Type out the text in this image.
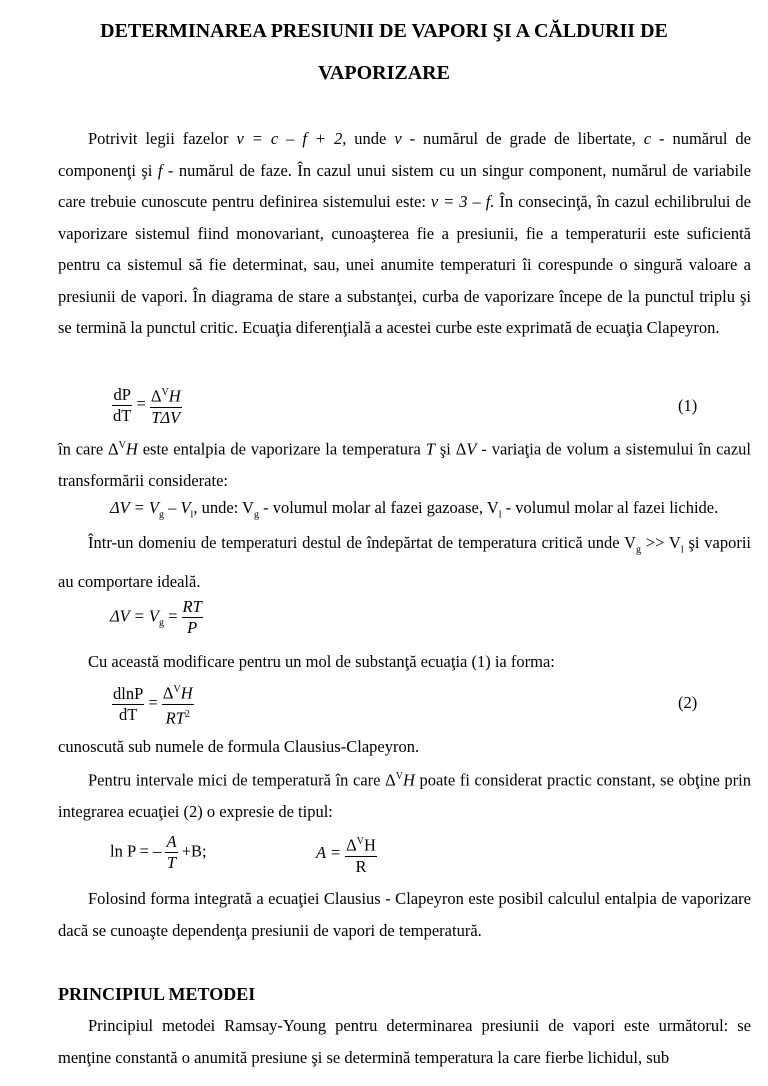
DETERMINAREA PRESIUNII DE VAPORI ŞI A CĂLDURII DE VAPORIZARE

Potrivit legii fazelor v = c – f + 2, unde v - numărul de grade de libertate, c - numărul de componenţi şi f - numărul de faze. În cazul unui sistem cu un singur component, numărul de variabile care trebuie cunoscute pentru definirea sistemului este: v = 3 – f. În consecinţă, în cazul echilibrului de vaporizare sistemul fiind monovariant, cunoaşterea fie a presiunii, fie a temperaturii este suficientă pentru ca sistemul să fie determinat, sau, unei anumite temperaturi îi corespunde o singură valoare a presiunii de vapori. În diagrama de stare a substanţei, curba de vaporizare începe de la punctul triplu şi se termină la punctul critic. Ecuaţia diferenţială a acestei curbe este exprimată de ecuaţia Clapeyron.

$\frac{dP}{dT} = \frac{\Delta^VH}{\text{TΔV}}$	(1)

în care $\Delta^VH$ este entalpia de vaporizare la temperatura T şi ΔV - variaţia de volum a sistemului în cazul transformării considerate:

$\Delta V = V_g - V_l$, unde: $V_g$ - volumul molar al fazei gazoase, $V_l$ - volumul molar al fazei lichide.

Într-un domeniu de temperaturi destul de îndepărtat de temperatura critică unde $V_g >> V_l$ şi vaporii au comportare ideală.

$\Delta V = V_g = \frac{RT}{P}$
Cu această modificare pentru un mol de substanţă ecuaţia (1) ia forma:
$\frac{dlnP}{dT} = \frac{\Delta^VH}{RT^2}$	(2)
cunoscută sub numele de formula Clausius-Clapeyron.

Pentru intervale mici de temperatură în care $\Delta^VH$ poate fi considerat practic constant, se obţine prin integrarea ecuaţiei (2) o expresie de tipul:

ln P = – $\frac{A}{T} +B$;	$A = \frac{\Delta^VH}{R}$

Folosind forma integrată a ecuaţiei Clausius - Clapeyron este posibil calculul entalpia de vaporizare dacă se cunoaşte dependenţa presiunii de vapori de temperatură.

PRINCIPIUL METODEI

Principiul metodei Ramsay-Young pentru determinarea presiunii de vapori este următorul: se menţine constantă o anumită presiune şi se determină temperatura la care fierbe lichidul, sub
